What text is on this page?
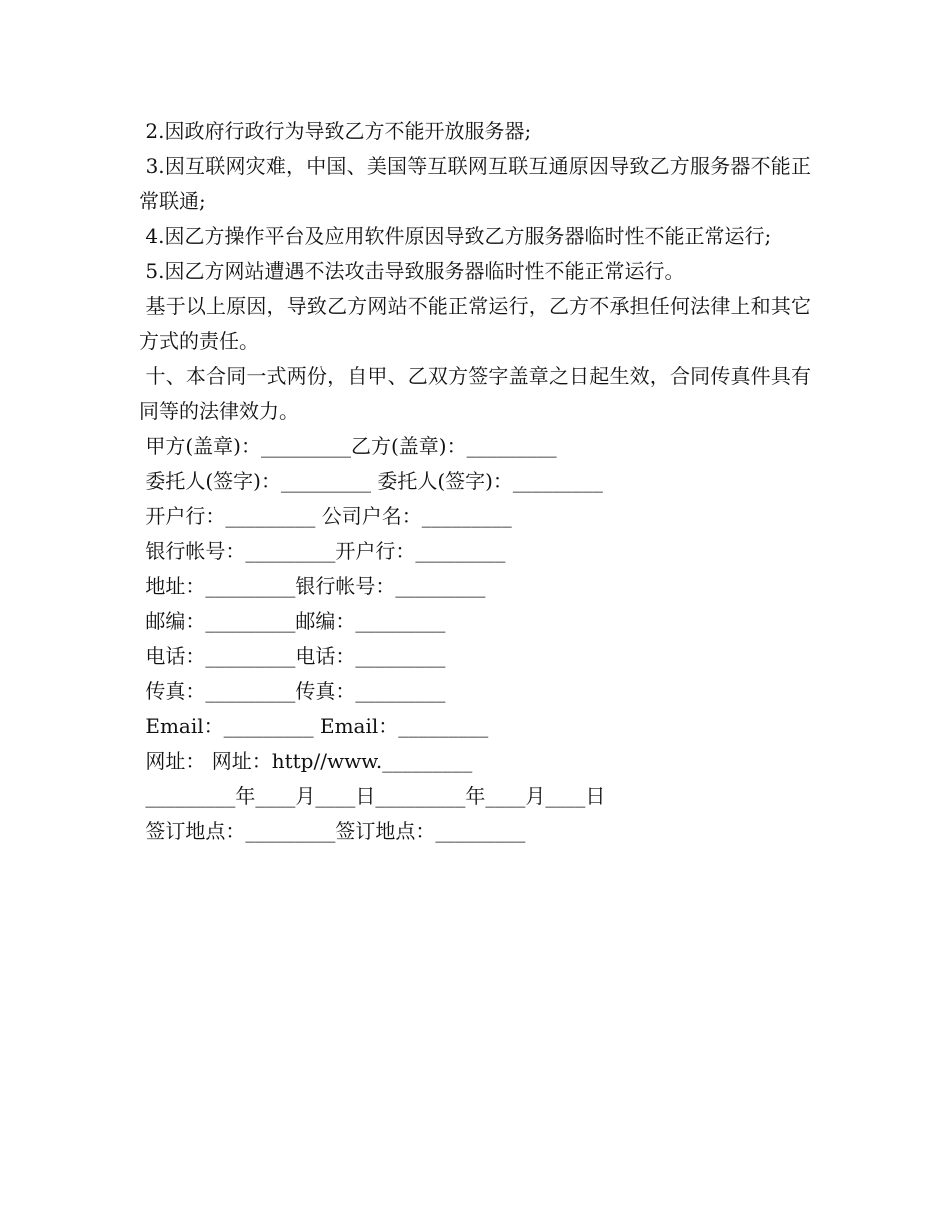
2.因政府行政行为导致乙方不能开放服务器;

3.因互联网灾难，中国、美国等互联网互联互通原因导致乙方服务器不能正常联通;

4.因乙方操作平台及应用软件原因导致乙方服务器临时性不能正常运行;

5.因乙方网站遭遇不法攻击导致服务器临时性不能正常运行。

基于以上原因，导致乙方网站不能正常运行，乙方不承担任何法律上和其它方式的责任。

十、本合同一式两份，自甲、乙双方签字盖章之日起生效，合同传真件具有同等的法律效力。

甲方(盖章)：_________乙方(盖章)：_________
委托人(签字)：_________ 委托人(签字)：_________
开户行：_________ 公司户名：_________
银行帐号：_________开户行：_________
地址：_________银行帐号：_________
邮编：_________邮编：_________
电话：_________电话：_________
传真：_________传真：_________
Email：_________ Email：_________
网址： 网址：http//www._________
_________年____月____日_________年____月____日
签订地点：_________签订地点：_________
